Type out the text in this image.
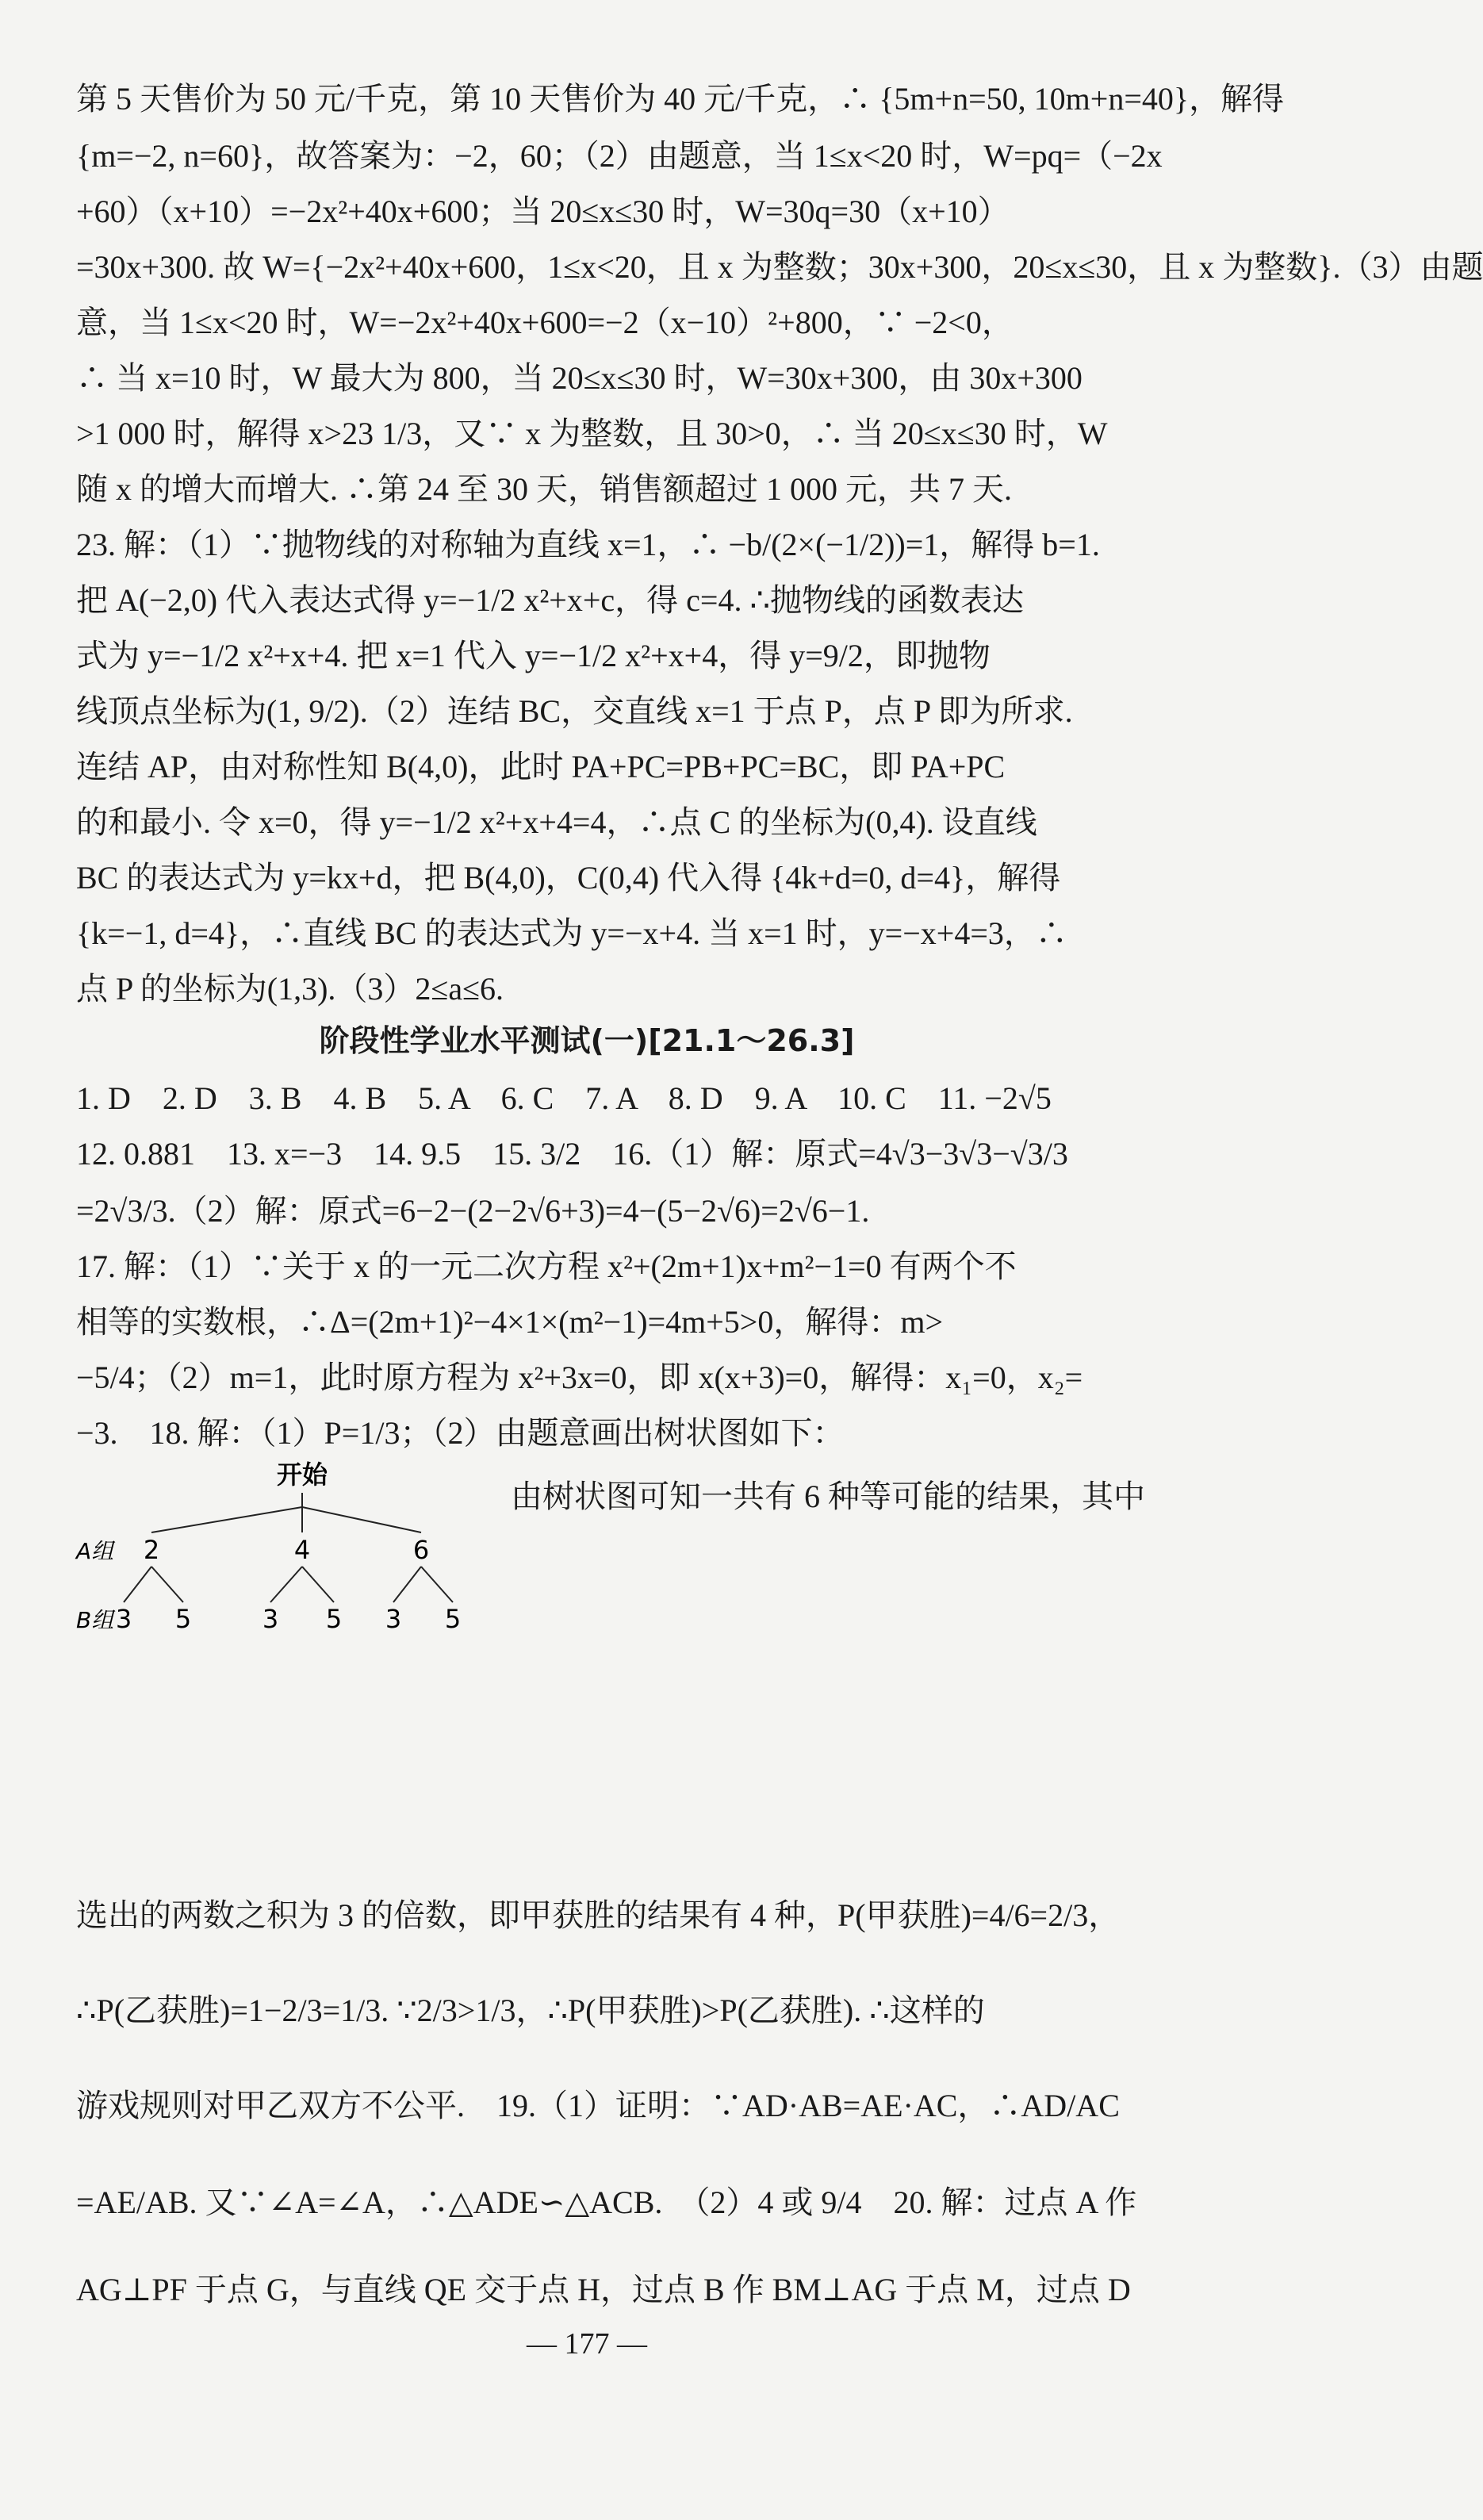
第 5 天售价为 50 元/千克，第 10 天售价为 40 元/千克，∴ {5m+n=50, 10m+n=40}，解得
{m=−2, n=60}，故答案为：−2，60；（2）由题意，当 1≤x<20 时，W=pq=（−2x
+60）（x+10）=−2x²+40x+600；当 20≤x≤30 时，W=30q=30（x+10）
=30x+300. 故 W={−2x²+40x+600，1≤x<20，且 x 为整数；30x+300，20≤x≤30，且 x 为整数}.（3）由题
意，当 1≤x<20 时，W=−2x²+40x+600=−2（x−10）²+800，∵ −2<0，
∴ 当 x=10 时，W 最大为 800，当 20≤x≤30 时，W=30x+300，由 30x+300
>1 000 时，解得 x>23 1/3，又∵ x 为整数，且 30>0，∴ 当 20≤x≤30 时，W
随 x 的增大而增大. ∴第 24 至 30 天，销售额超过 1 000 元，共 7 天.
23. 解：（1）∵抛物线的对称轴为直线 x=1，∴ −b/(2×(−1/2))=1，解得 b=1.
把 A(−2,0) 代入表达式得 y=−1/2 x²+x+c，得 c=4. ∴抛物线的函数表达
式为 y=−1/2 x²+x+4. 把 x=1 代入 y=−1/2 x²+x+4，得 y=9/2，即抛物
线顶点坐标为(1, 9/2).（2）连结 BC，交直线 x=1 于点 P，点 P 即为所求.
连结 AP，由对称性知 B(4,0)，此时 PA+PC=PB+PC=BC，即 PA+PC
的和最小. 令 x=0，得 y=−1/2 x²+x+4=4，∴点 C 的坐标为(0,4). 设直线
BC 的表达式为 y=kx+d，把 B(4,0)，C(0,4) 代入得 {4k+d=0, d=4}，解得
{k=−1, d=4}，∴直线 BC 的表达式为 y=−x+4. 当 x=1 时，y=−x+4=3，∴
点 P 的坐标为(1,3).（3）2≤a≤6.
阶段性学业水平测试(一)[21.1～26.3]
1. D　2. D　3. B　4. B　5. A　6. C　7. A　8. D　9. A　10. C　11. −2√5
12. 0.881　13. x=−3　14. 9.5　15. 3/2　16.（1）解：原式=4√3−3√3−√3/3
=2√3/3.（2）解：原式=6−2−(2−2√6+3)=4−(5−2√6)=2√6−1.
17. 解：（1）∵关于 x 的一元二次方程 x²+(2m+1)x+m²−1=0 有两个不
相等的实数根，∴Δ=(2m+1)²−4×1×(m²−1)=4m+5>0，解得：m>
−5/4；（2）m=1，此时原方程为 x²+3x=0，即 x(x+3)=0，解得：x₁=0，x₂=
−3.　18. 解：（1）P=1/3；（2）由题意画出树状图如下：
由树状图可知一共有 6 种等可能的结果，其中
开始
A组 2	4	6
B组 3 5	3 5 3 5
选出的两数之积为 3 的倍数，即甲获胜的结果有 4 种，P(甲获胜)=4/6=2/3，
∴P(乙获胜)=1−2/3=1/3. ∵2/3>1/3，∴P(甲获胜)>P(乙获胜). ∴这样的
游戏规则对甲乙双方不公平.　19.（1）证明：∵AD·AB=AE·AC，∴AD/AC
=AE/AB. 又∵∠A=∠A，∴△ADE∽△ACB.　（2）4 或 9/4　20. 解：过点 A 作
AG⊥PF 于点 G，与直线 QE 交于点 H，过点 B 作 BM⊥AG 于点 M，过点 D
— 177 —
